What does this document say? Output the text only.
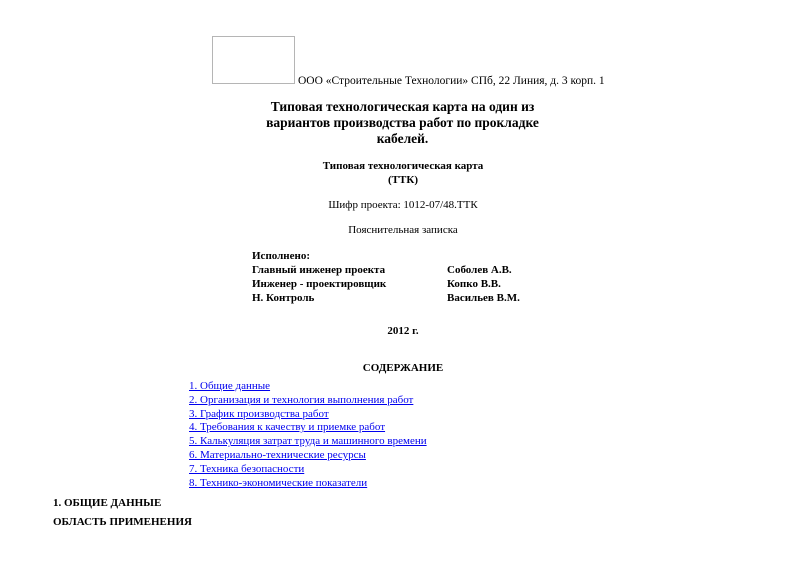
ООО «Строительные Технологии» СПб, 22 Линия, д. 3 корп. 1
Типовая технологическая карта на один из
вариантов производства работ по прокладке
кабелей.
Типовая технологическая карта
(ТТК)
Шифр проекта: 1012-07/48.ТТК
Пояснительная записка
Исполнено:
Главный инженер проекта	Соболев А.В.
Инженер - проектировщик	Копко В.В.
Н. Контроль	Васильев В.М.
2012 г.
СОДЕРЖАНИЕ
1. Общие данные
2. Организация и технология выполнения работ
3. График производства работ
4. Требования к качеству и приемке работ
5. Калькуляция затрат труда и машинного времени
6. Материально-технические ресурсы
7. Техника безопасности
8. Технико-экономические показатели
1. ОБЩИЕ ДАННЫЕ
ОБЛАСТЬ ПРИМЕНЕНИЯ
